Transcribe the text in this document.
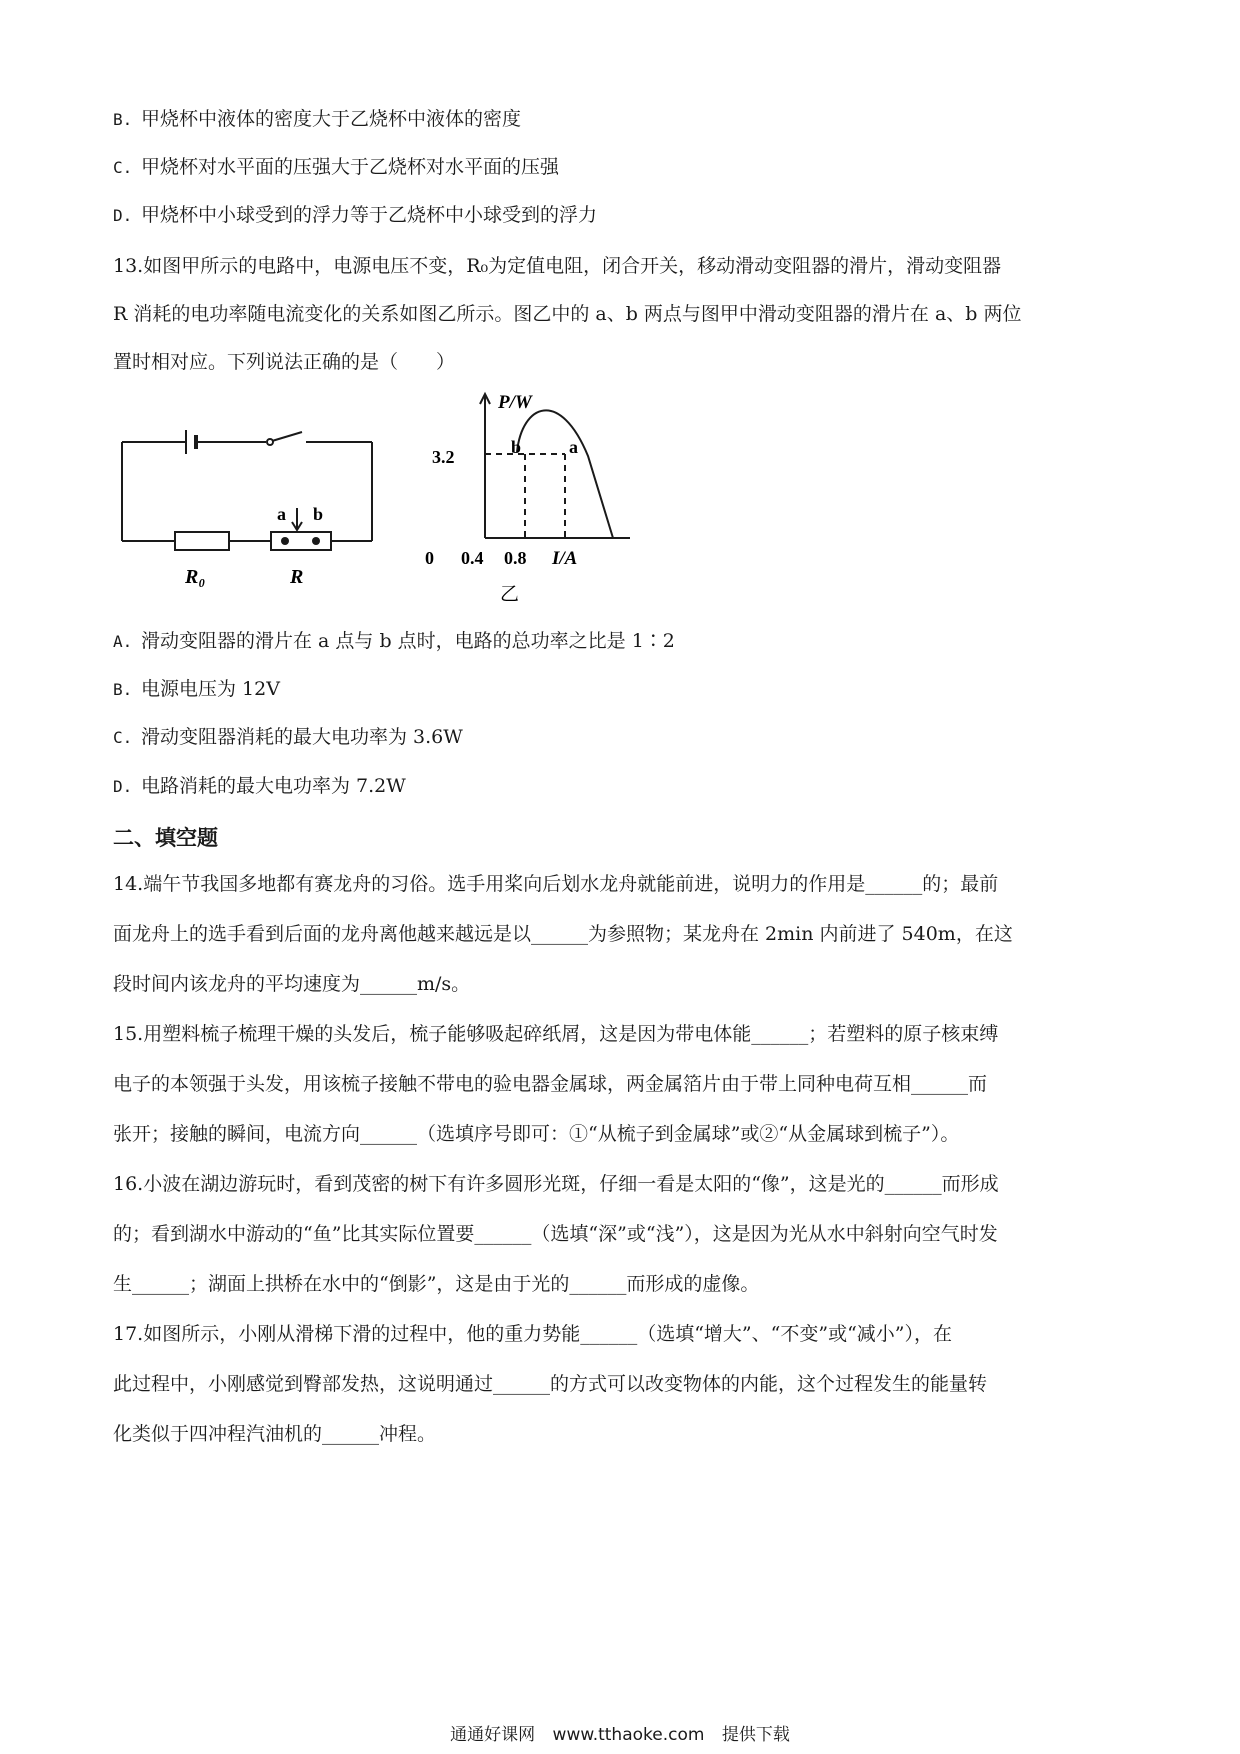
B. 甲烧杯中液体的密度大于乙烧杯中液体的密度
C. 甲烧杯对水平面的压强大于乙烧杯对水平面的压强
D. 甲烧杯中小球受到的浮力等于乙烧杯中小球受到的浮力
13.如图甲所示的电路中，电源电压不变，R₀为定值电阻，闭合开关，移动滑动变阻器的滑片，滑动变阻器
R 消耗的电功率随电流变化的关系如图乙所示。图乙中的 a、b 两点与图甲中滑动变阻器的滑片在 a、b 两位
置时相对应。下列说法正确的是（　　）
a b
R₀	R
b	a
P/W
3.2
0 0.4 0.8 I/A
乙
A. 滑动变阻器的滑片在 a 点与 b 点时，电路的总功率之比是 1∶2
B. 电源电压为 12V
C. 滑动变阻器消耗的最大电功率为 3.6W
D. 电路消耗的最大电功率为 7.2W
二、填空题
14.端午节我国多地都有赛龙舟的习俗。选手用桨向后划水龙舟就能前进，说明力的作用是______的；最前
面龙舟上的选手看到后面的龙舟离他越来越远是以______为参照物；某龙舟在 2min 内前进了 540m，在这
段时间内该龙舟的平均速度为______m/s。
15.用塑料梳子梳理干燥的头发后，梳子能够吸起碎纸屑，这是因为带电体能______；若塑料的原子核束缚
电子的本领强于头发，用该梳子接触不带电的验电器金属球，两金属箔片由于带上同种电荷互相______而
张开；接触的瞬间，电流方向______（选填序号即可：①“从梳子到金属球”或②“从金属球到梳子”）。
16.小波在湖边游玩时，看到茂密的树下有许多圆形光斑，仔细一看是太阳的“像”，这是光的______而形成
的；看到湖水中游动的“鱼”比其实际位置要______（选填“深”或“浅”），这是因为光从水中斜射向空气时发
生______；湖面上拱桥在水中的“倒影”，这是由于光的______而形成的虚像。
17.如图所示，小刚从滑梯下滑的过程中，他的重力势能______（选填“增大”、“不变”或“减小”），在
此过程中，小刚感觉到臀部发热，这说明通过______的方式可以改变物体的内能，这个过程发生的能量转
化类似于四冲程汽油机的______冲程。
通通好课网 www.tthaoke.com 提供下载
